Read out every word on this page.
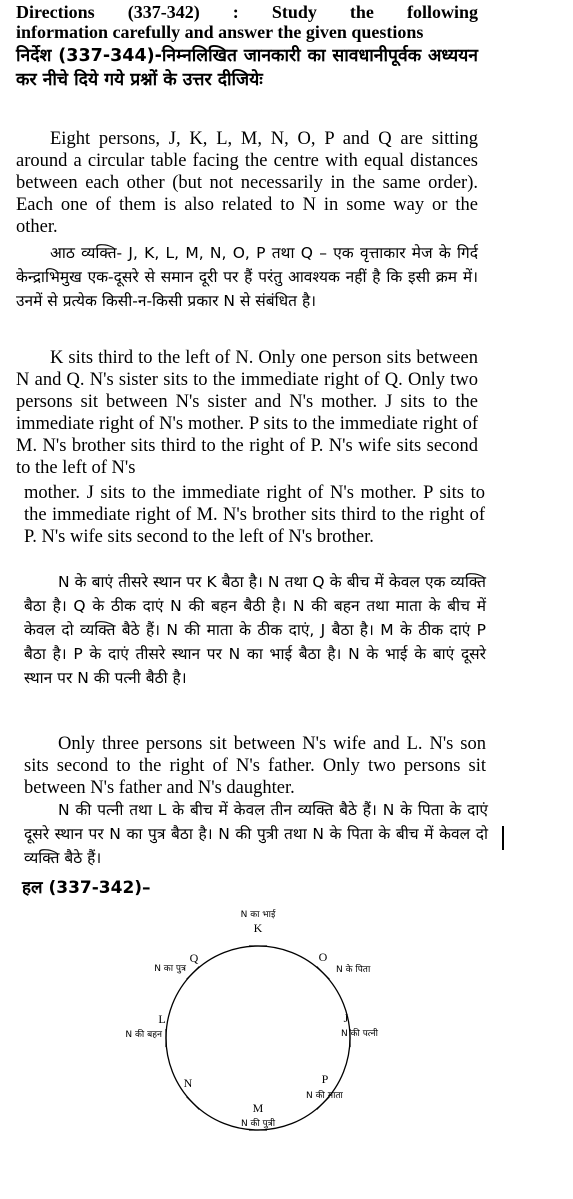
Directions (337-342) : Study the following
information carefully and answer the given questions
निर्देश (337-344)-निम्नलिखित जानकारी का सावधानीपूर्वक अध्ययन कर नीचे दिये गये प्रश्नों के उत्तर दीजियेः

Eight persons, J, K, L, M, N, O, P and Q are sitting around a circular table facing the centre with equal distances between each other (but not necessarily in the same order). Each one of them is also related to N in some way or the other.

आठ व्यक्ति- J, K, L, M, N, O, P तथा Q – एक वृत्ताकार मेज के गिर्द केन्द्राभिमुख एक-दूसरे से समान दूरी पर हैं परंतु आवश्यक नहीं है कि इसी क्रम में। उनमें से प्रत्येक किसी-न-किसी प्रकार N से संबंधित है।

K sits third to the left of N. Only one person sits between N and Q. N's sister sits to the immediate right of Q. Only two persons sit between N's sister and N's mother. J sits to the immediate right of N's mother. P sits to the immediate right of M. N's brother sits third to the right of P. N's wife sits second to the left of N's

mother. J sits to the immediate right of N's mother. P sits to the immediate right of M. N's brother sits third to the right of P. N's wife sits second to the left of N's brother.

N के बाएं तीसरे स्थान पर K बैठा है। N तथा Q के बीच में केवल एक व्यक्ति बैठा है। Q के ठीक दाएं N की बहन बैठी है। N की बहन तथा माता के बीच में केवल दो व्यक्ति बैठे हैं। N की माता के ठीक दाएं, J बैठा है। M के ठीक दाएं P बैठा है। P के दाएं तीसरे स्थान पर N का भाई बैठा है। N के भाई के बाएं दूसरे स्थान पर N की पत्नी बैठी है।

Only three persons sit between N's wife and L. N's son sits second to the right of N's father. Only two persons sit between N's father and N's daughter.

N की पत्नी तथा L के बीच में केवल तीन व्यक्ति बैठे हैं। N के पिता के दाएं दूसरे स्थान पर N का पुत्र बैठा है। N की पुत्री तथा N के पिता के बीच में केवल दो व्यक्ति बैठे हैं।

हल (337-342)–
K
N का भाई
O
N के पिता
J
N की पत्नी
P
N की माता
M
N की पुत्री
N
L
N की बहन
Q
N का पुत्र
